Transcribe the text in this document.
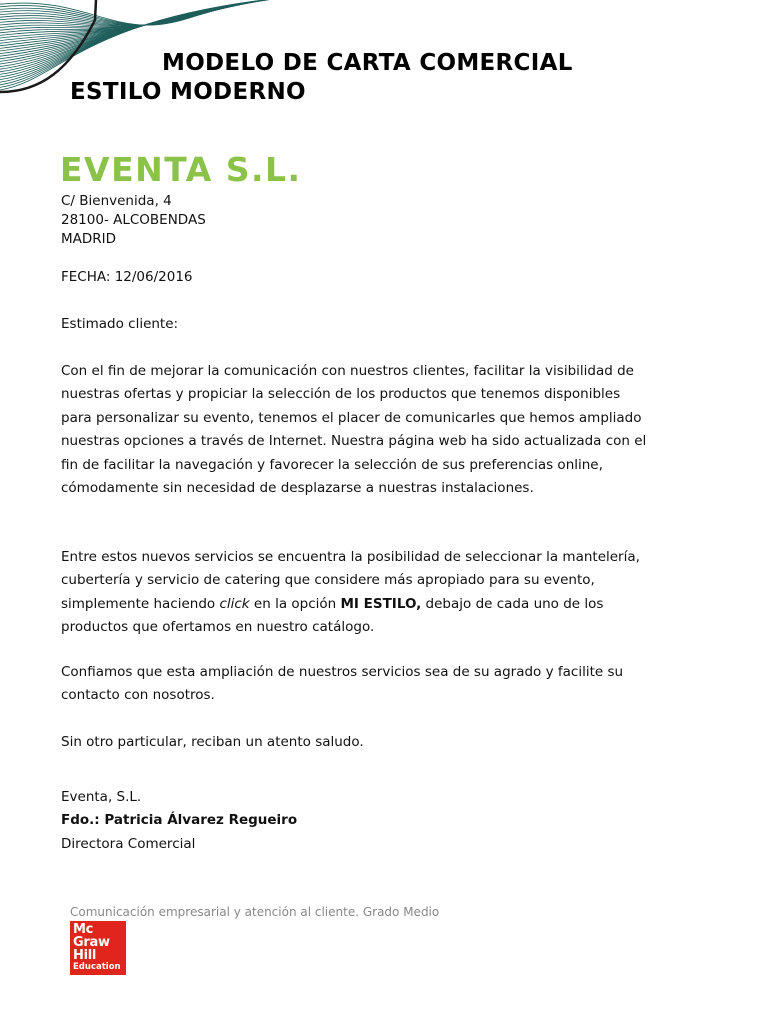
MODELO DE CARTA COMERCIAL
ESTILO MODERNO
EVENTA S.L.
C/ Bienvenida, 4
28100- ALCOBENDAS
MADRID
FECHA: 12/06/2016
Estimado cliente:
Con el fin de mejorar la comunicación con nuestros clientes, facilitar la visibilidad de nuestras ofertas y propiciar la selección de los productos que tenemos disponibles para personalizar su evento, tenemos el placer de comunicarles que hemos ampliado nuestras opciones a través de Internet. Nuestra página web ha sido actualizada con el fin de facilitar la navegación y favorecer la selección de sus preferencias online, cómodamente sin necesidad de desplazarse a nuestras instalaciones.
Entre estos nuevos servicios se encuentra la posibilidad de seleccionar la mantelería, cubertería y servicio de catering que considere más apropiado para su evento, simplemente haciendo click en la opción MI ESTILO, debajo de cada uno de los productos que ofertamos en nuestro catálogo.
Confiamos que esta ampliación de nuestros servicios sea de su agrado y facilite su contacto con nosotros.
Sin otro particular, reciban un atento saludo.
Eventa, S.L.
Fdo.: Patricia Álvarez Regueiro
Directora Comercial
Comunicación empresarial y atención al cliente. Grado Medio
Mc
Graw
Hill
Education
